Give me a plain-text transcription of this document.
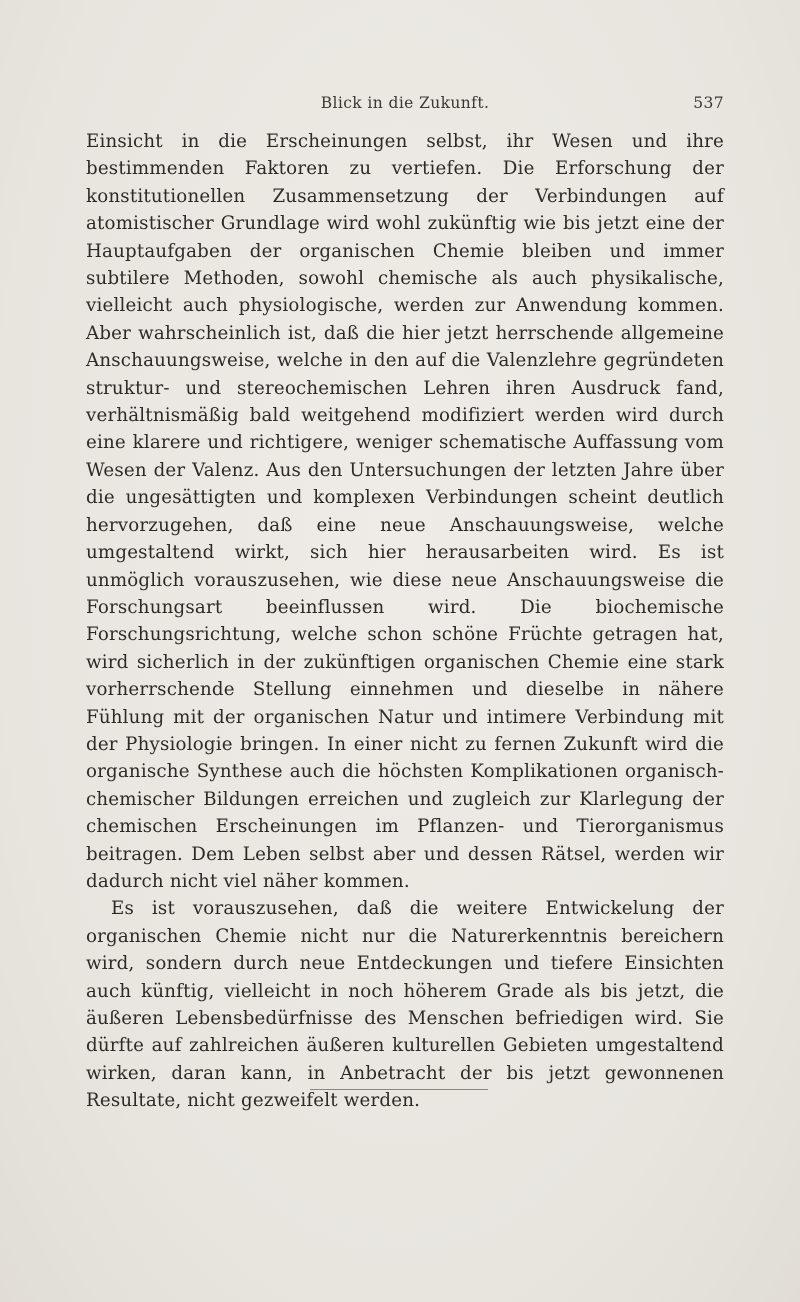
Blick in die Zukunft.	537

Einsicht in die Erscheinungen selbst, ihr Wesen und ihre bestimmenden Faktoren zu vertiefen. Die Erforschung der konstitutionellen Zusammensetzung der Verbindungen auf atomistischer Grundlage wird wohl zukünftig wie bis jetzt eine der Hauptaufgaben der organischen Chemie bleiben und immer subtilere Methoden, sowohl chemische als auch physikalische, vielleicht auch physiologische, werden zur Anwendung kommen. Aber wahrscheinlich ist, daß die hier jetzt herrschende allgemeine Anschauungsweise, welche in den auf die Valenzlehre gegründeten struktur- und stereochemischen Lehren ihren Ausdruck fand, verhältnismäßig bald weitgehend modifiziert werden wird durch eine klarere und richtigere, weniger schematische Auffassung vom Wesen der Valenz. Aus den Untersuchungen der letzten Jahre über die ungesättigten und komplexen Verbindungen scheint deutlich hervorzugehen, daß eine neue Anschauungsweise, welche umgestaltend wirkt, sich hier herausarbeiten wird. Es ist unmöglich vorauszusehen, wie diese neue Anschauungsweise die Forschungsart beeinflussen wird. Die biochemische Forschungsrichtung, welche schon schöne Früchte getragen hat, wird sicherlich in der zukünftigen organischen Chemie eine stark vorherrschende Stellung einnehmen und dieselbe in nähere Fühlung mit der organischen Natur und intimere Verbindung mit der Physiologie bringen. In einer nicht zu fernen Zukunft wird die organische Synthese auch die höchsten Komplikationen organisch-chemischer Bildungen erreichen und zugleich zur Klarlegung der chemischen Erscheinungen im Pflanzen- und Tierorganismus beitragen. Dem Leben selbst aber und dessen Rätsel, werden wir dadurch nicht viel näher kommen.

Es ist vorauszusehen, daß die weitere Entwickelung der organischen Chemie nicht nur die Naturerkenntnis bereichern wird, sondern durch neue Entdeckungen und tiefere Einsichten auch künftig, vielleicht in noch höherem Grade als bis jetzt, die äußeren Lebensbedürfnisse des Menschen befriedigen wird. Sie dürfte auf zahlreichen äußeren kulturellen Gebieten umgestaltend wirken, daran kann, in Anbetracht der bis jetzt gewonnenen Resultate, nicht gezweifelt werden.
